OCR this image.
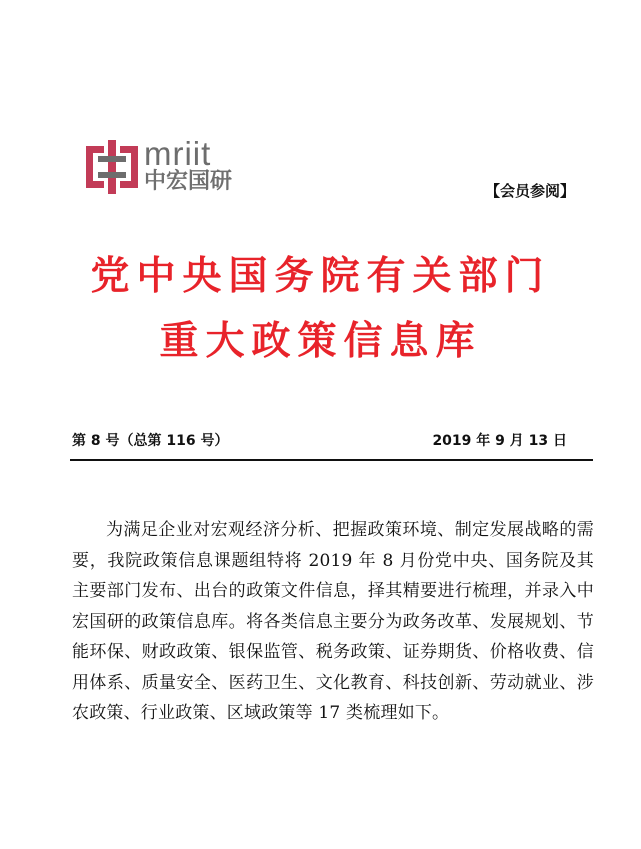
mriit
中宏国研	【会员参阅】
党中央国务院有关部门
重大政策信息库
第 8 号（总第 116 号）	2019 年 9 月 13 日
为满足企业对宏观经济分析、把握政策环境、制定发展战略的需要，我院政策信息课题组特将 2019 年 8 月份党中央、国务院及其主要部门发布、出台的政策文件信息，择其精要进行梳理，并录入中宏国研的政策信息库。将各类信息主要分为政务改革、发展规划、节能环保、财政政策、银保监管、税务政策、证券期货、价格收费、信用体系、质量安全、医药卫生、文化教育、科技创新、劳动就业、涉农政策、行业政策、区域政策等 17 类梳理如下。
